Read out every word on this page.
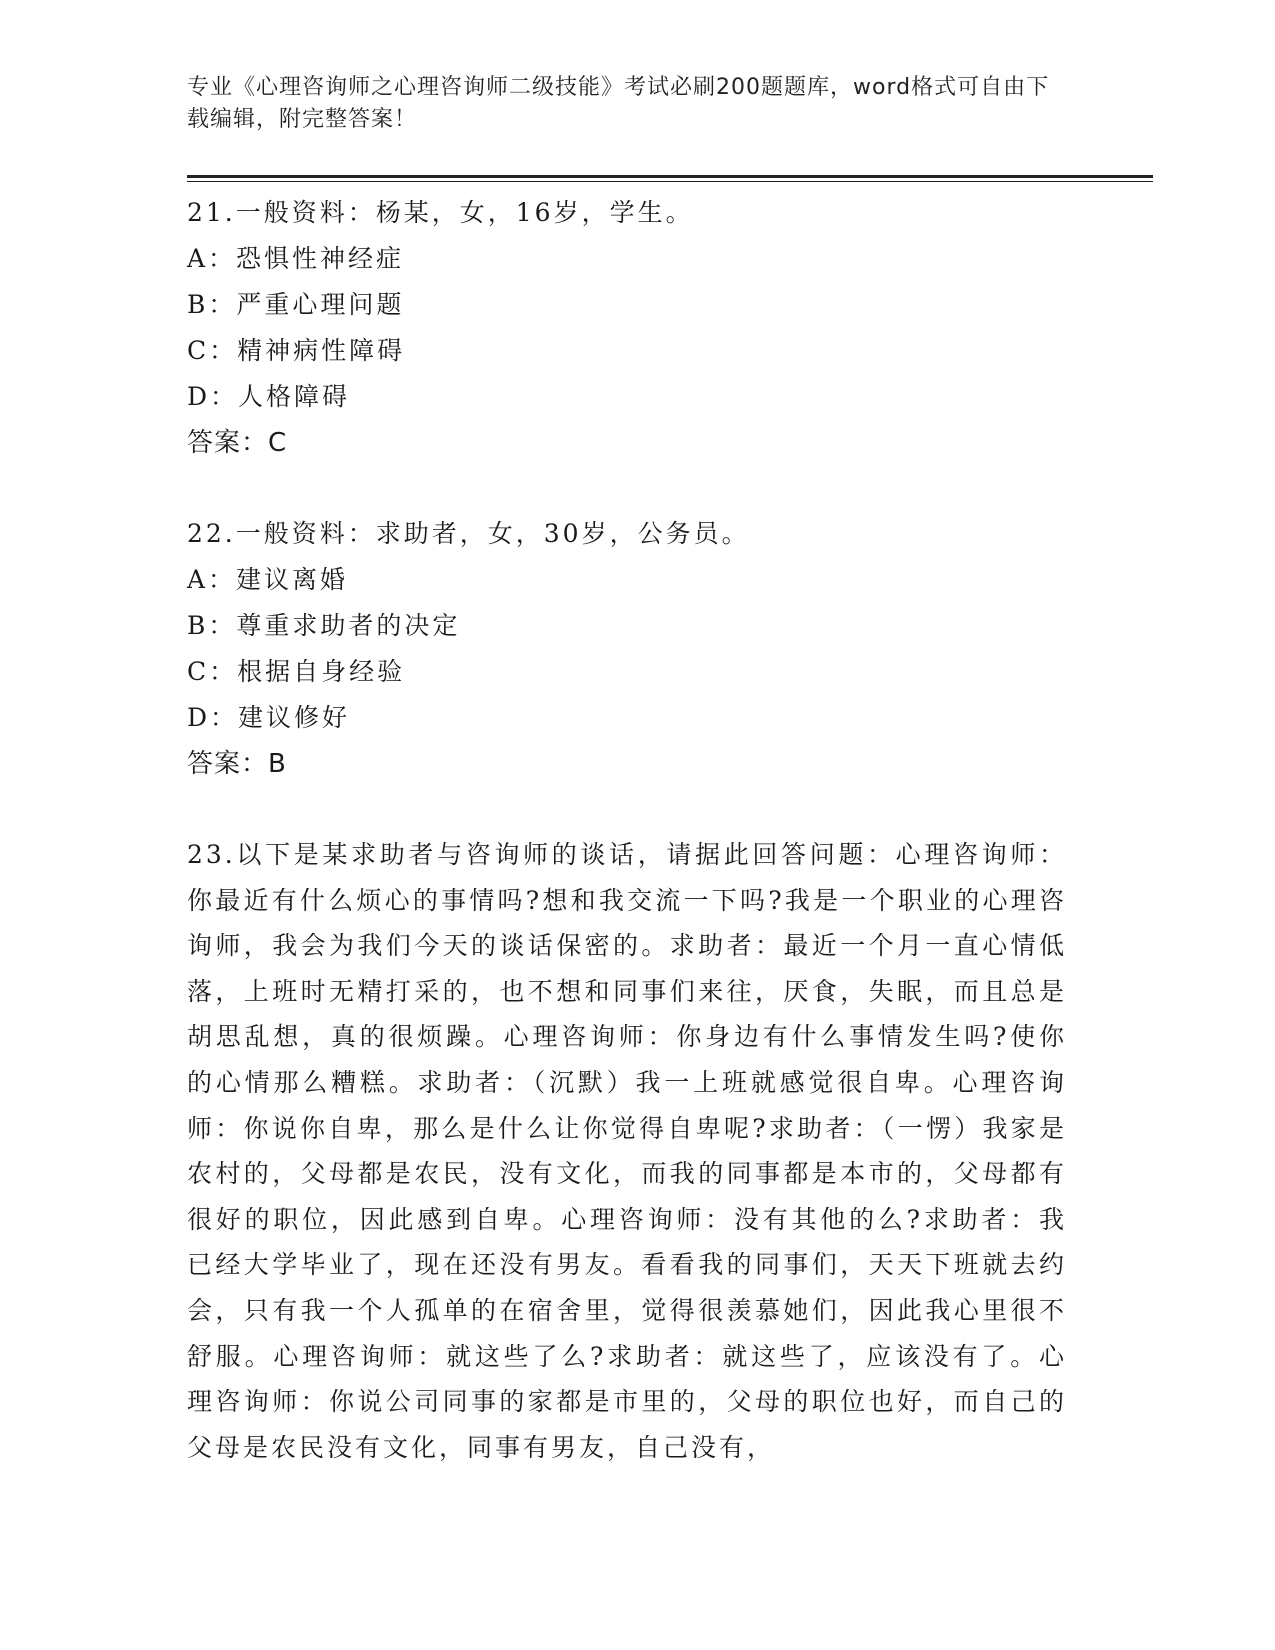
专业《心理咨询师之心理咨询师二级技能》考试必刷200题题库，word格式可自由下载编辑，附完整答案！
21.一般资料：杨某，女，16岁，学生。
A：恐惧性神经症
B：严重心理问题
C：精神病性障碍
D：人格障碍
答案：C
22.一般资料：求助者，女，30岁，公务员。
A：建议离婚
B：尊重求助者的决定
C：根据自身经验
D：建议修好
答案：B
23.以下是某求助者与咨询师的谈话，请据此回答问题：心理咨询师：你最近有什么烦心的事情吗?想和我交流一下吗?我是一个职业的心理咨询师，我会为我们今天的谈话保密的。求助者：最近一个月一直心情低落，上班时无精打采的，也不想和同事们来往，厌食，失眠，而且总是胡思乱想，真的很烦躁。心理咨询师：你身边有什么事情发生吗?使你的心情那么糟糕。求助者：（沉默）我一上班就感觉很自卑。心理咨询师：你说你自卑，那么是什么让你觉得自卑呢?求助者：（一愣）我家是农村的，父母都是农民，没有文化，而我的同事都是本市的，父母都有很好的职位，因此感到自卑。心理咨询师：没有其他的么?求助者：我已经大学毕业了，现在还没有男友。看看我的同事们，天天下班就去约会，只有我一个人孤单的在宿舍里，觉得很羡慕她们，因此我心里很不舒服。心理咨询师：就这些了么?求助者：就这些了，应该没有了。心理咨询师：你说公司同事的家都是市里的，父母的职位也好，而自己的父母是农民没有文化，同事有男友，自己没有，
